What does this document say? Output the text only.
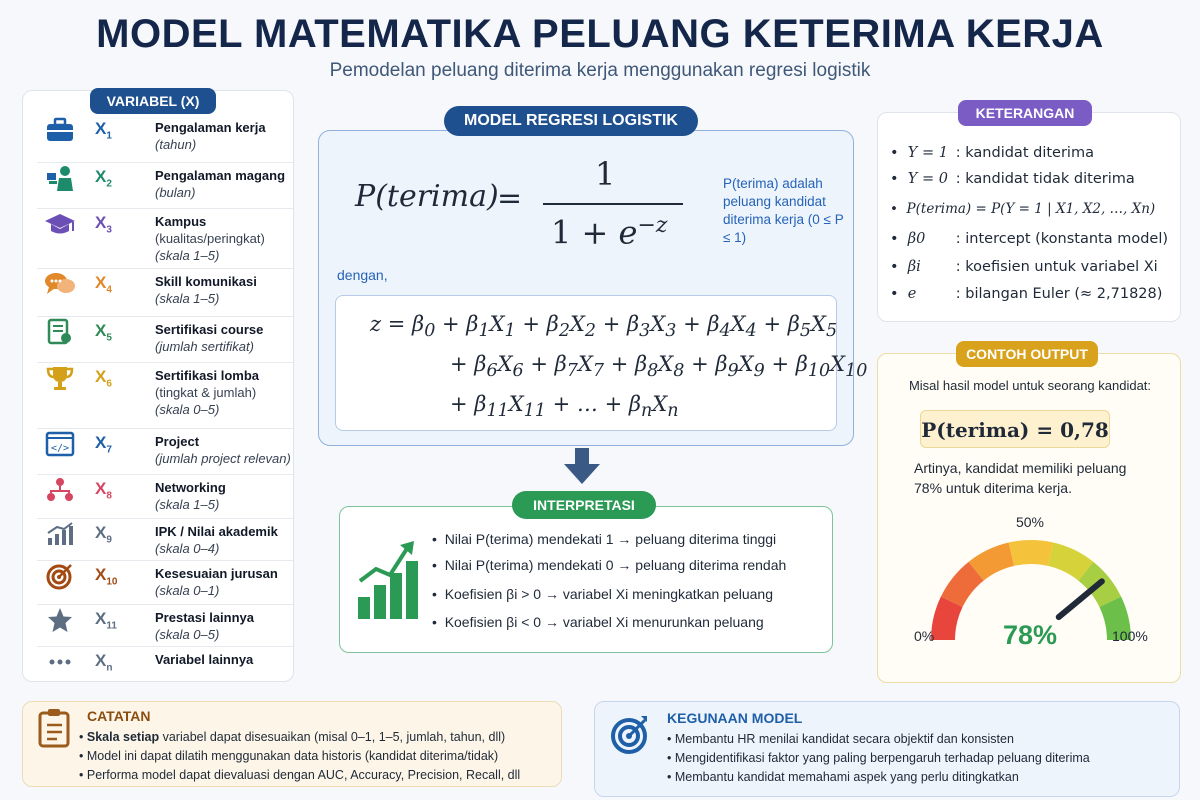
MODEL MATEMATIKA PELUANG KETERIMA KERJA
Pemodelan peluang diterima kerja menggunakan regresi logistik
$X_1$
Pengalaman kerja
(tahun)
$X_2$
Pengalaman magang
(bulan)
$X_3$
Kampus
(kualitas/peringkat)
(skala 1–5)
$X_4$
Skill komunikasi
(skala 1–5)
$X_5$
Sertifikasi course
(jumlah sertifikat)
$X_6$
Sertifikasi lomba
(tingkat & jumlah)
(skala 0–5)
</> $X_7$
Project
(jumlah project relevan)
$X_8$
Networking
(skala 1–5)
$X_9$
IPK / Nilai akademik
(skala 0–4)
$X_{10}$
Kesesuaian jurusan
(skala 0–1)
$X_{11}$
Prestasi lainnya
(skala 0–5)
$X_n$
Variabel lainnya
VARIABEL (X)
P(terima)
=
1
$1 + e^{-z}$
P(terima) adalah peluang kandidat diterima kerja (0 ≤ P ≤ 1)
dengan,
$z = \beta_0 + \beta_1X_1 + \beta_2X_2 + \beta_3X_3 + \beta_4X_4 + \beta_5X_5$
+ $\beta_6X_6 + \beta_7X_7 + \beta_8X_8 + \beta_9X_9 + \beta_{10}X_{10}$
+ $\beta_{11}X_{11}$ + … + $\beta_nX_n$
MODEL REGRESI LOGISTIK
•  Nilai P(terima) mendekati 1 → peluang diterima tinggi
•  Nilai P(terima) mendekati 0 → peluang diterima rendah
•  Koefisien βi > 0 → variabel Xi meningkatkan peluang
•  Koefisien βi < 0 → variabel Xi menurunkan peluang
INTERPRETASI
•  Y = 1 : kandidat diterima
•  Y = 0 : kandidat tidak diterima
•  P(terima) = P(Y = 1 | X1, X2, …, Xn)
•  β0 : intercept (konstanta model)
•  βi : koefisien untuk variabel Xi
•  e	: bilangan Euler (≈ 2,71828)
KETERANGAN
Misal hasil model untuk seorang kandidat:
P(terima) = 0,78
Artinya, kandidat memiliki peluang 78% untuk diterima kerja.
50%
0%	100%
78%
CONTOH OUTPUT
CATATAN
• Skala setiap variabel dapat disesuaikan (misal 0–1, 1–5, jumlah, tahun, dll)
• Model ini dapat dilatih menggunakan data historis (kandidat diterima/tidak)
• Performa model dapat dievaluasi dengan AUC, Accuracy, Precision, Recall, dll
KEGUNAAN MODEL
• Membantu HR menilai kandidat secara objektif dan konsisten
• Mengidentifikasi faktor yang paling berpengaruh terhadap peluang diterima
• Membantu kandidat memahami aspek yang perlu ditingkatkan
